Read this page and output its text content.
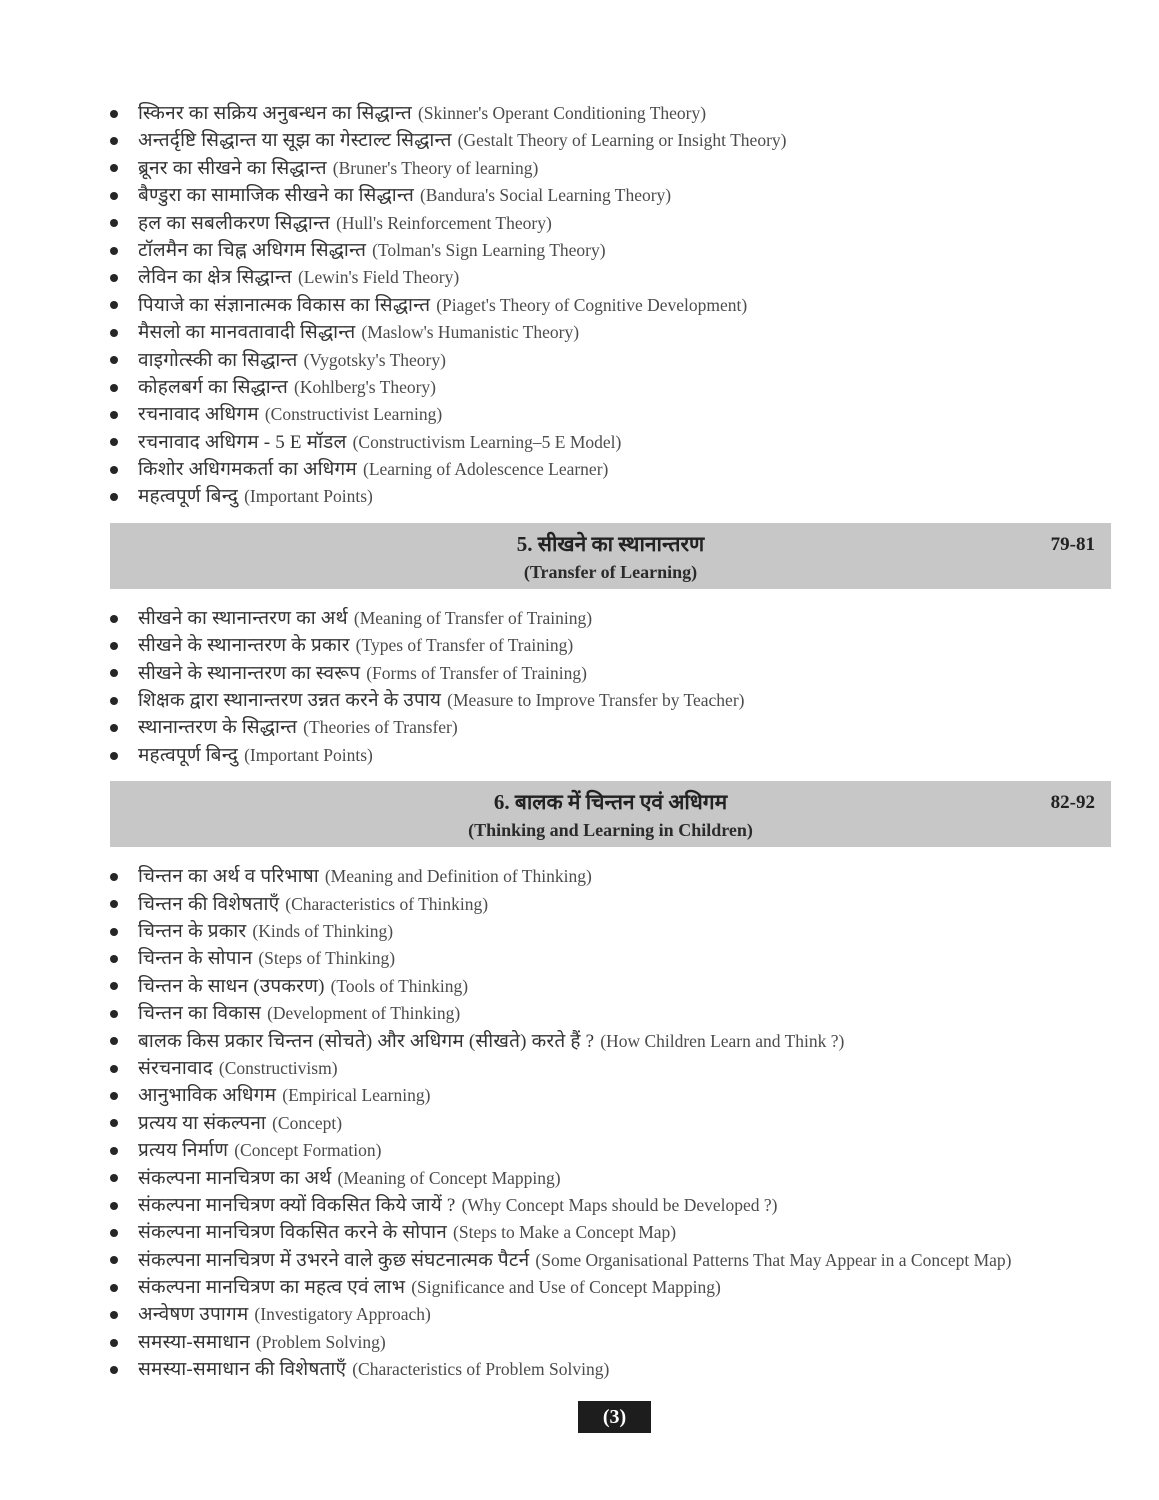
स्किनर का सक्रिय अनुबन्धन का सिद्धान्त (Skinner's Operant Conditioning Theory)
अन्तर्दृष्टि सिद्धान्त या सूझ का गेस्टाल्ट सिद्धान्त (Gestalt Theory of Learning or Insight Theory)
ब्रूनर का सीखने का सिद्धान्त (Bruner's Theory of learning)
बैण्डुरा का सामाजिक सीखने का सिद्धान्त (Bandura's Social Learning Theory)
हल का सबलीकरण सिद्धान्त (Hull's Reinforcement Theory)
टॉलमैन का चिह्न अधिगम सिद्धान्त (Tolman's Sign Learning Theory)
लेविन का क्षेत्र सिद्धान्त (Lewin's Field Theory)
पियाजे का संज्ञानात्मक विकास का सिद्धान्त (Piaget's Theory of Cognitive Development)
मैसलो का मानवतावादी सिद्धान्त (Maslow's Humanistic Theory)
वाइगोत्स्की का सिद्धान्त (Vygotsky's Theory)
कोहलबर्ग का सिद्धान्त (Kohlberg's Theory)
रचनावाद अधिगम (Constructivist Learning)
रचनावाद अधिगम - 5 E मॉडल (Constructivism Learning–5 E Model)
किशोर अधिगमकर्ता का अधिगम (Learning of Adolescence Learner)
महत्वपूर्ण बिन्दु (Important Points)
5. सीखने का स्थानान्तरण
(Transfer of Learning)
79-81
सीखने का स्थानान्तरण का अर्थ (Meaning of Transfer of Training)
सीखने के स्थानान्तरण के प्रकार (Types of Transfer of Training)
सीखने के स्थानान्तरण का स्वरूप (Forms of Transfer of Training)
शिक्षक द्वारा स्थानान्तरण उन्नत करने के उपाय (Measure to Improve Transfer by Teacher)
स्थानान्तरण के सिद्धान्त (Theories of Transfer)
महत्वपूर्ण बिन्दु (Important Points)
6. बालक में चिन्तन एवं अधिगम
(Thinking and Learning in Children)
82-92
चिन्तन का अर्थ व परिभाषा (Meaning and Definition of Thinking)
चिन्तन की विशेषताएँ (Characteristics of Thinking)
चिन्तन के प्रकार (Kinds of Thinking)
चिन्तन के सोपान (Steps of Thinking)
चिन्तन के साधन (उपकरण) (Tools of Thinking)
चिन्तन का विकास (Development of Thinking)
बालक किस प्रकार चिन्तन (सोचते) और अधिगम (सीखते) करते हैं ? (How Children Learn and Think ?)
संरचनावाद (Constructivism)
आनुभाविक अधिगम (Empirical Learning)
प्रत्यय या संकल्पना (Concept)
प्रत्यय निर्माण (Concept Formation)
संकल्पना मानचित्रण का अर्थ (Meaning of Concept Mapping)
संकल्पना मानचित्रण क्यों विकसित किये जायें ? (Why Concept Maps should be Developed ?)
संकल्पना मानचित्रण विकसित करने के सोपान (Steps to Make a Concept Map)
संकल्पना मानचित्रण में उभरने वाले कुछ संघटनात्मक पैटर्न (Some Organisational Patterns That May Appear in a Concept Map)
संकल्पना मानचित्रण का महत्व एवं लाभ (Significance and Use of Concept Mapping)
अन्वेषण उपागम (Investigatory Approach)
समस्या-समाधान (Problem Solving)
समस्या-समाधान की विशेषताएँ (Characteristics of Problem Solving)
(3)
